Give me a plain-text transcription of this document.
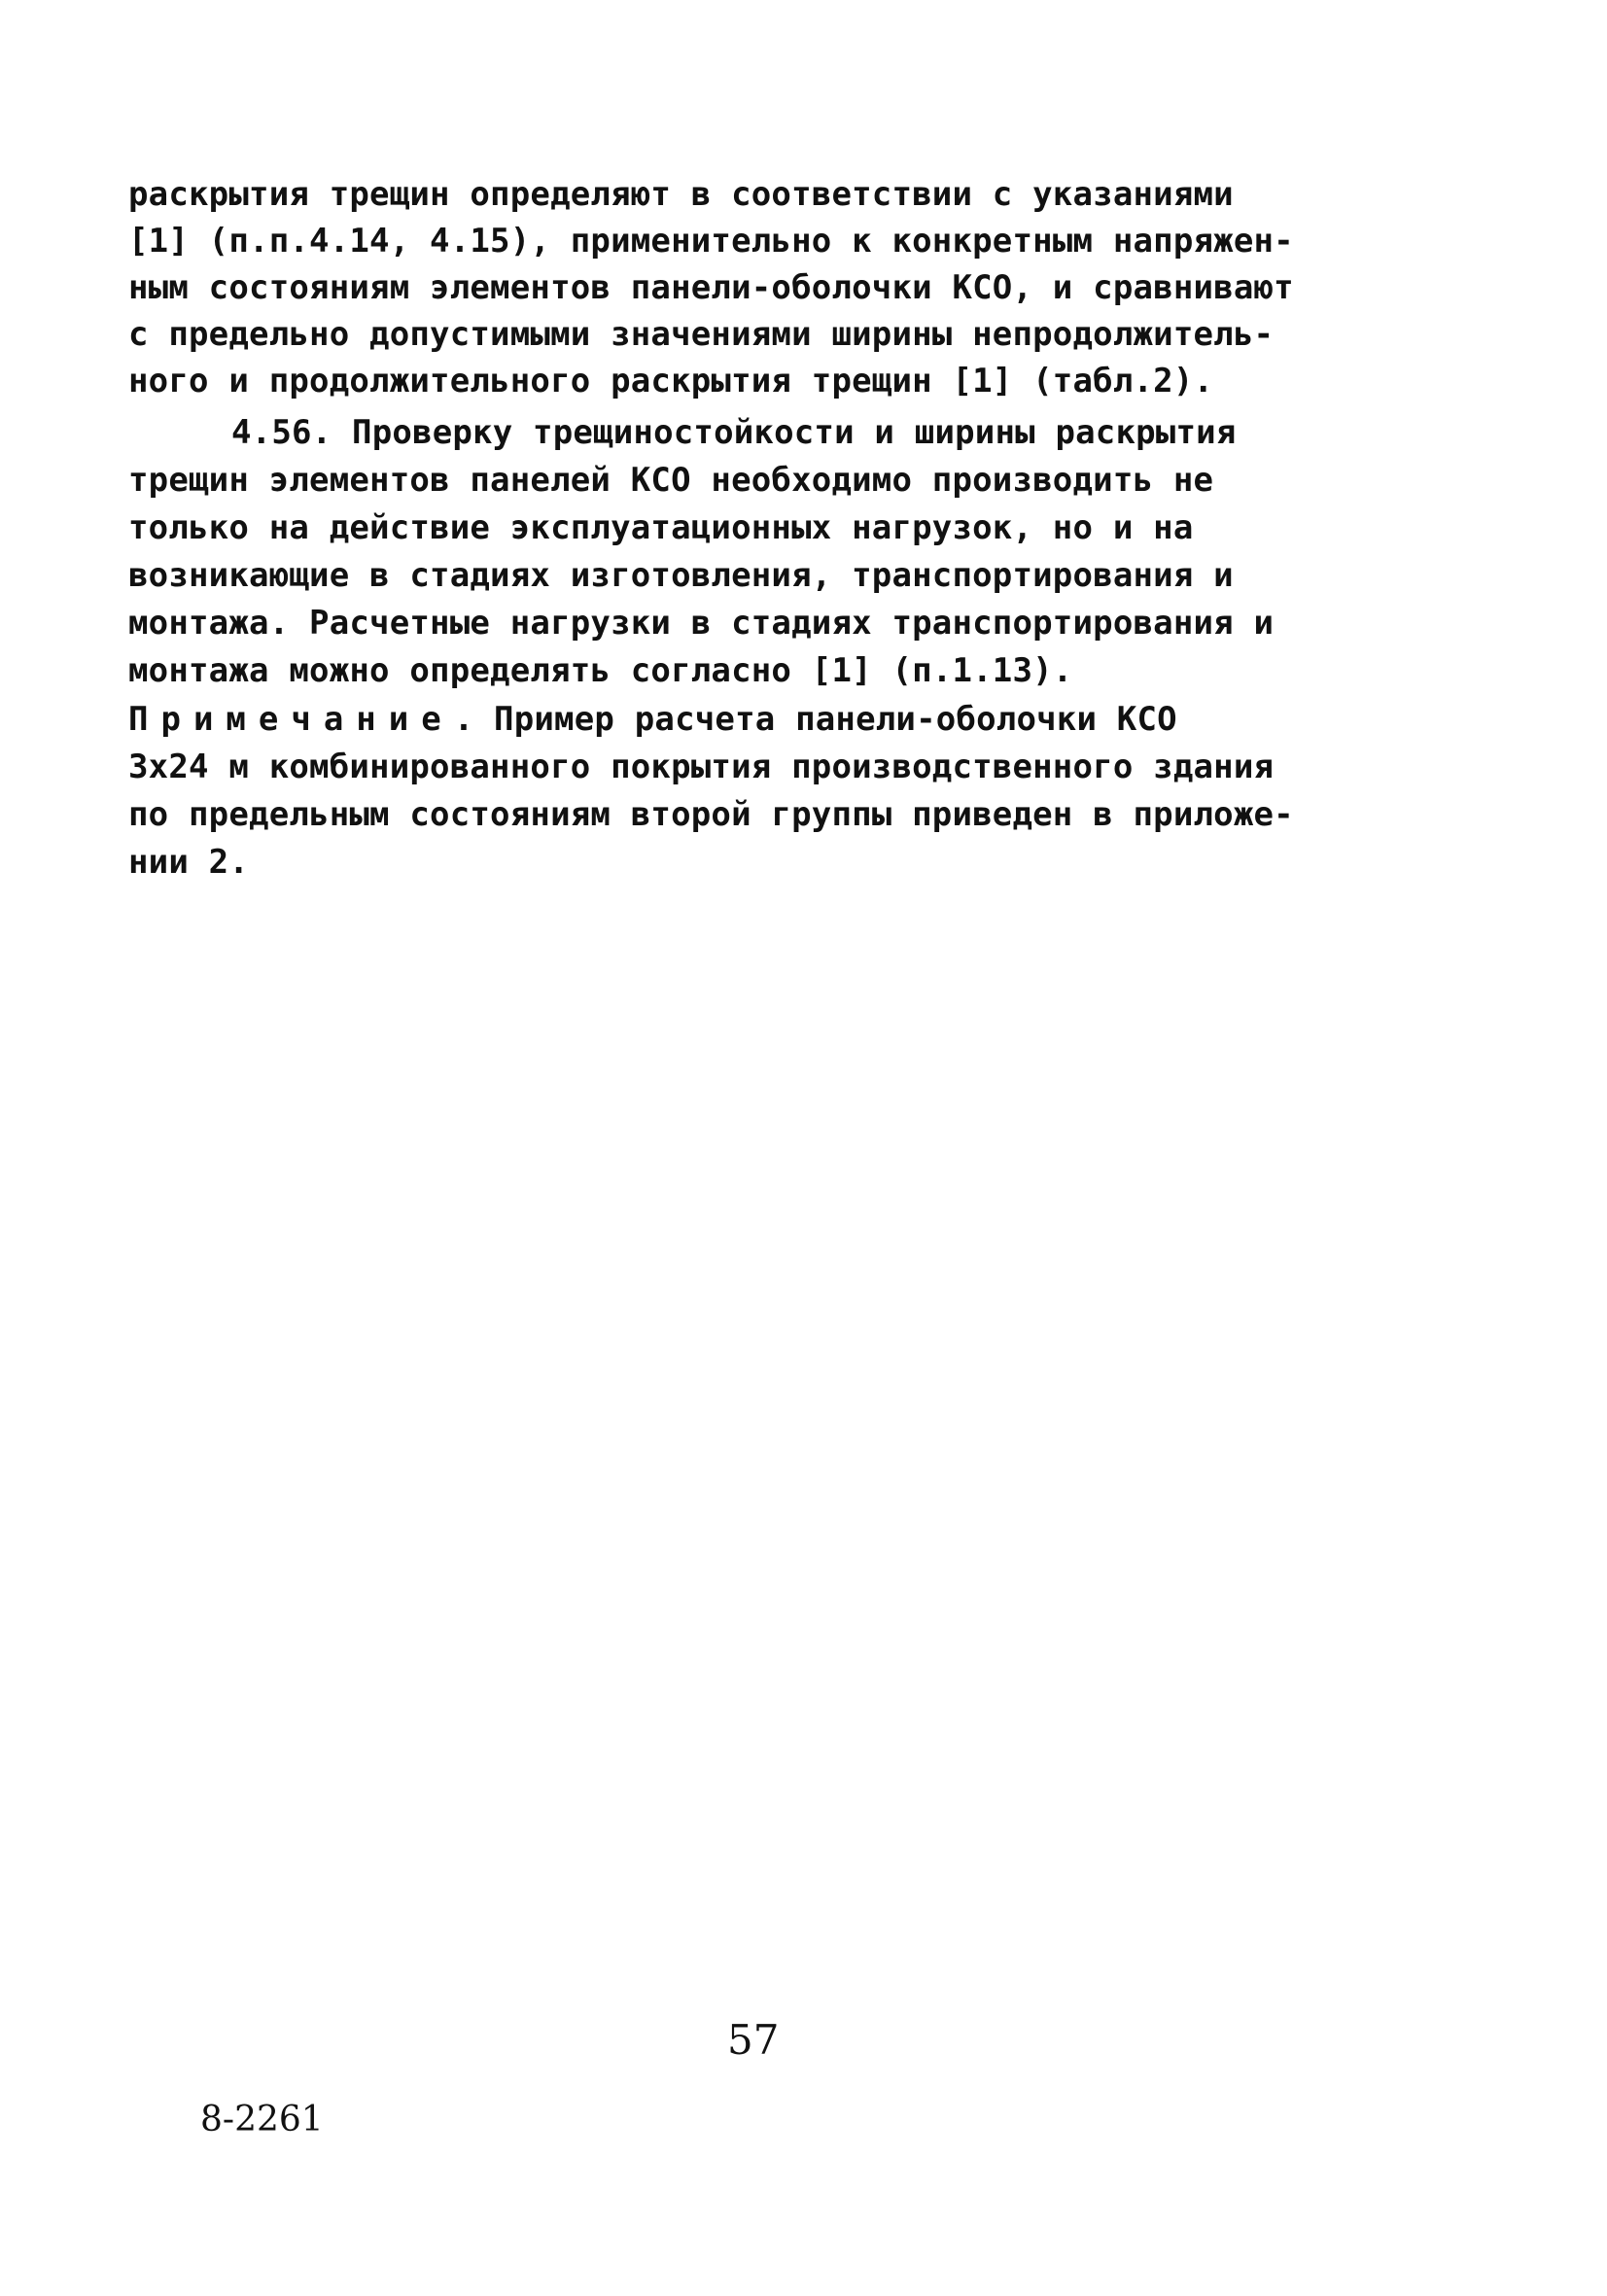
раскрытия трещин определяют в соответствии с указаниями
[1] (п.п.4.14, 4.15), применительно к конкретным напряжен-
ным состояниям элементов панели-оболочки КСО, и сравнивают
с предельно допустимыми значениями ширины непродолжитель-
ного и продолжительного раскрытия трещин [1] (табл.2).
4.56. Проверку трещиностойкости и ширины раскрытия
трещин элементов панелей КСО необходимо производить не
только на действие эксплуатационных нагрузок, но и на
возникающие в стадиях изготовления, транспортирования и
монтажа. Расчетные нагрузки в стадиях транспортирования и
монтажа можно определять согласно [1] (п.1.13).
Примечание. Пример расчета панели-оболочки КСО
3х24 м комбинированного покрытия производственного здания
по предельным состояниям второй группы приведен в приложе-
нии 2.
57
8-2261
